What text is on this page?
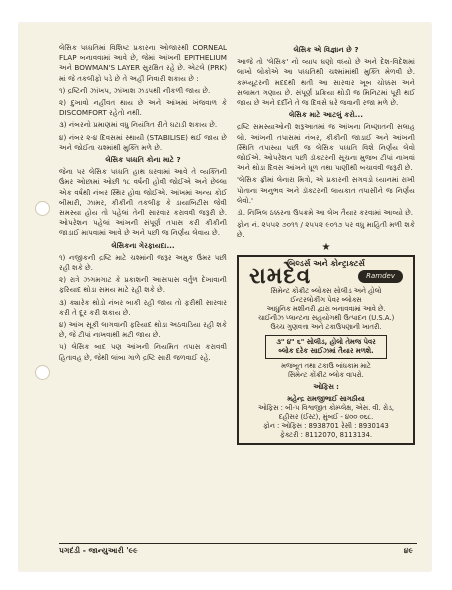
લેસિક પધ્ધતિમાં વિશિષ્ટ પ્રકારના ઓજારથી CORNEAL FLAP બનાવવામાં આવે છે, જેમાં આંખની EPITHELIUM અને BOWMAN'S LAYER સુરક્ષિત રહે છે. એટલે (PRK) માં જે તકલીફો પડે છે તે અહીં નિવારી શકાય છે :

૧) દ્રષ્ટિની ઝાંખપ, ઝાંખાશ ઝડપથી નીકળી જાય છે.

૨) દુખાવો નહીંવત થાય છે અને આંખમાં ખંજવાળ કે DISCOMFORT રહેતો નથી.

૩) નંબરનો પ્રમાણમાં વધુ નિયંત્રિત રીતે ઘટાડી શકાય છે.

૪) નંબર ૨-૪ દિવસમાં સ્થાયી (STABILISE) થઈ જાય છે અને જોઈતા ચશ્માંથી મુક્તિ મળે છે.

લેસિક પધ્ધતિ કોના માટે ?

જેના પર લેસિક પધ્ધતિ હાથ ધરવામાં આવે તે વ્યક્તિની ઉંમર ઓછામાં ઓછી ૧૮ વર્ષની હોવી જોઈએ અને છેલ્લા એક વર્ષથી નંબર સ્થિર હોવા જોઈએ. આંખમાં અન્ય કોઈ બીમારી, ઝામર, કીકીની તકલીફ કે ડાયાબિટીસ જેવી સમસ્યા હોય તો પહેલાં તેની સારવાર કરાવવી જરૂરી છે. ઓપરેશન પહેલાં આંખની સંપૂર્ણ તપાસ કરી કીકીની જાડાઈ માપવામાં આવે છે અને પછી જ નિર્ણય લેવાય છે.

લેસિકના ગેરફાયદા...

૧) નજીકની દ્રષ્ટિ માટે ચશ્માંની જરૂર અમુક ઉંમર પછી રહી શકે છે.

૨) રાત્રે ઝગમગાટ કે પ્રકાશની આસપાસ વર્તુળ દેખાવાની ફરિયાદ થોડા સમય માટે રહી શકે છે.

૩) ક્યારેક થોડો નંબર બાકી રહી જાય તો ફરીથી સારવાર કરી તે દૂર કરી શકાય છે.

૪) આંખ સૂકી લાગવાની ફરિયાદ થોડા અઠવાડિયા રહી શકે છે, જે ટીપાં નાખવાથી મટી જાય છે.

૫) લેસિક બાદ પણ આંખની નિયમિત તપાસ કરાવવી હિતાવહ છે, જેથી લાંબા ગાળે દ્રષ્ટિ સારી જળવાઈ રહે.

લેસિક એ વિજ્ઞાન છે ?

આજે તો 'લેસિક' નો વ્યાપ ઘણો વધ્યો છે અને દેશ-વિદેશમાં લાખો લોકોએ આ પધ્ધતિથી ચશ્માંમાંથી મુક્તિ મેળવી છે. કમ્પ્યૂટરની મદદથી થતી આ સારવાર ખૂબ ચોક્કસ અને સલામત ગણાય છે. સંપૂર્ણ પ્રક્રિયા થોડી જ મિનિટમાં પૂરી થઈ જાય છે અને દર્દીને તે જ દિવસે ઘરે જવાની રજા મળે છે.

લેસિક માટે આટલું કરો...

દ્રષ્ટિ સમસ્યાઓની શરૂઆતમાં જ આંખના નિષ્ણાતની સલાહ લો. આંખની તપાસમાં નંબર, કીકીની જાડાઈ અને આંખની સ્થિતિ તપાસ્યા પછી જ લેસિક પધ્ધતિ વિશે નિર્ણય લેવો જોઈએ. ઓપરેશન પછી ડૉક્ટરની સૂચના મુજબ ટીપાં નાખવાં અને થોડા દિવસ આંખને ધૂળ તથા પાણીથી બચાવવી જરૂરી છે.

'લેસિક ફ્રીમાં લેનારા મિત્રો, એ પ્રકારની સગવડો ધ્યાનમાં રાખી પોતાના અનુભવ અને ડૉક્ટરની લાયકાત તપાસીને જ નિર્ણય લેવો.'

ડૉ. નિખિલ ઠક્કરના ઉપક્રમે આ લેખ તૈયાર કરવામાં આવ્યો છે.

ફોન નં. ૨૫૫૨ ૭૦૧૧ / ૨૫૫૨ ૯૦૧૭ પર વધુ માહિતી મળી શકે છે.

★
બિલ્ડર્સ અને કોન્ટ્રાક્ટર્સ
રામદેવ	Ramdev
સિમેન્ટ કોંક્રીટ બ્લોક્સ સોલીડ અને હોલો
ઈન્ટરલોકીંગ પેવર બ્લોક્સ
આધુનિક મશીનરી દ્વારા બનાવવામાં આવે છે.
ચાઈનીઝ પ્લાન્ટના સહયોગથી ઉત્પાદન (U.S.A.)
ઉચ્ચ ગુણવત્તા અને ટકાઉપણાની ખાતરી.
૩" ૪" ૬" સોલીડ, હોલો તેમજ પેવર બ્લોક દરેક સાઈઝમાં તૈયાર મળશે.
મજબૂત તથા ટકાઉ બાંધકામ માટે
સિમેન્ટ કોંક્રીટ બ્લોક વાપરો.
ઓફિસ :
મહેન્દ્ર રામજીભાઈ સાગઠીયા
ઓફિસ : બી-૫ વિશ્વજીત કોમ્પ્લેક્ષ, એસ. વી. રોડ,
દહીસર (ઈસ્ટ), મુંબઈ - ૪૦૦ ૦૬૮.
ફોન : ઓફિસ : 8938701 રેસી : 8930143
ફેક્ટરી : 8112070, 8113134.
પગદંડી - જાન્યુઆરી '૯૯	૪૯
